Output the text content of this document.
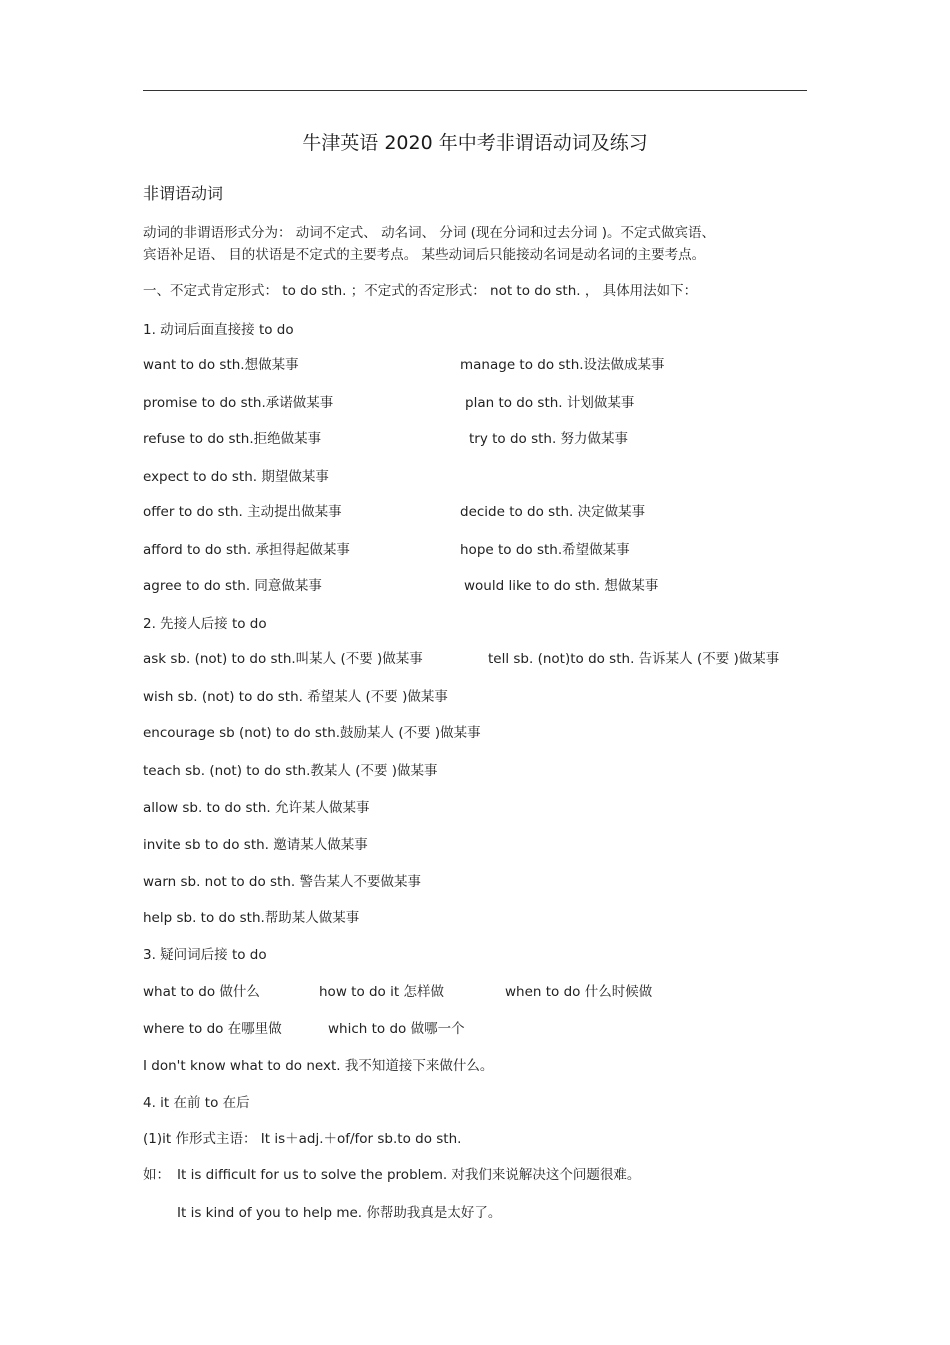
牛津英语 2020 年中考非谓语动词及练习
非谓语动词
动词的非谓语形式分为： 动词不定式、 动名词、 分词 (现在分词和过去分词 )。不定式做宾语、
宾语补足语、 目的状语是不定式的主要考点。 某些动词后只能接动名词是动名词的主要考点。
一、不定式肯定形式： to do sth. ；不定式的否定形式： not to do sth. ， 具体用法如下：
1. 动词后面直接接 to do
want to do sth.想做某事	manage to do sth.设法做成某事
promise to do sth.承诺做某事	plan to do sth. 计划做某事
refuse to do sth.拒绝做某事	try to do sth. 努力做某事
expect to do sth. 期望做某事
offer to do sth. 主动提出做某事	decide to do sth. 决定做某事
afford to do sth. 承担得起做某事	hope to do sth.希望做某事
agree to do sth. 同意做某事	would like to do sth. 想做某事
2. 先接人后接 to do
ask sb. (not) to do sth.叫某人 (不要 )做某事	tell sb. (not)to do sth. 告诉某人 (不要 )做某事
wish sb. (not) to do sth. 希望某人 (不要 )做某事
encourage sb (not) to do sth.鼓励某人 (不要 )做某事
teach sb. (not) to do sth.教某人 (不要 )做某事
allow sb. to do sth. 允许某人做某事
invite sb to do sth. 邀请某人做某事
warn sb. not to do sth. 警告某人不要做某事
help sb. to do sth.帮助某人做某事
3. 疑问词后接 to do
what to do 做什么	how to do it 怎样做	when to do 什么时候做
where to do 在哪里做	which to do 做哪一个
I don't know what to do next. 我不知道接下来做什么。
4. it 在前 to 在后
(1)it 作形式主语： It is＋adj.＋of/for sb.to do sth.
如： It is difficult for us to solve the problem. 对我们来说解决这个问题很难。
It is kind of you to help me. 你帮助我真是太好了。
